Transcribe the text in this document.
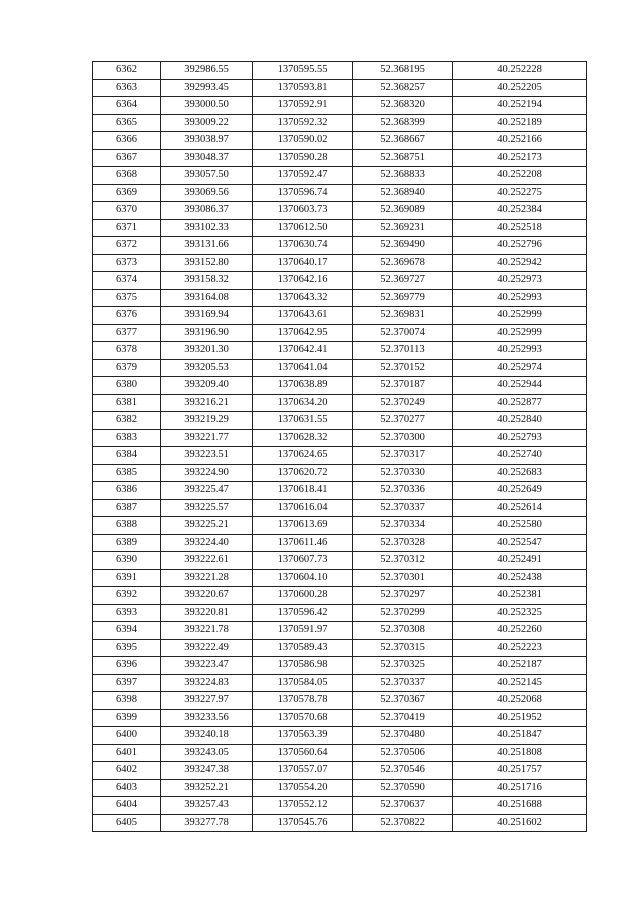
6362	392986.55	1370595.55	52.368195	40.252228
6363	392993.45	1370593.81	52.368257	40.252205
6364	393000.50	1370592.91	52.368320	40.252194
6365	393009.22	1370592.32	52.368399	40.252189
6366	393038.97	1370590.02	52.368667	40.252166
6367	393048.37	1370590.28	52.368751	40.252173
6368	393057.50	1370592.47	52.368833	40.252208
6369	393069.56	1370596.74	52.368940	40.252275
6370	393086.37	1370603.73	52.369089	40.252384
6371	393102.33	1370612.50	52.369231	40.252518
6372	393131.66	1370630.74	52.369490	40.252796
6373	393152.80	1370640.17	52.369678	40.252942
6374	393158.32	1370642.16	52.369727	40.252973
6375	393164.08	1370643.32	52.369779	40.252993
6376	393169.94	1370643.61	52.369831	40.252999
6377	393196.90	1370642.95	52.370074	40.252999
6378	393201.30	1370642.41	52.370113	40.252993
6379	393205.53	1370641.04	52.370152	40.252974
6380	393209.40	1370638.89	52.370187	40.252944
6381	393216.21	1370634.20	52.370249	40.252877
6382	393219.29	1370631.55	52.370277	40.252840
6383	393221.77	1370628.32	52.370300	40.252793
6384	393223.51	1370624.65	52.370317	40.252740
6385	393224.90	1370620.72	52.370330	40.252683
6386	393225.47	1370618.41	52.370336	40.252649
6387	393225.57	1370616.04	52.370337	40.252614
6388	393225.21	1370613.69	52.370334	40.252580
6389	393224.40	1370611.46	52.370328	40.252547
6390	393222.61	1370607.73	52.370312	40.252491
6391	393221.28	1370604.10	52.370301	40.252438
6392	393220.67	1370600.28	52.370297	40.252381
6393	393220.81	1370596.42	52.370299	40.252325
6394	393221.78	1370591.97	52.370308	40.252260
6395	393222.49	1370589.43	52.370315	40.252223
6396	393223.47	1370586.98	52.370325	40.252187
6397	393224.83	1370584.05	52.370337	40.252145
6398	393227.97	1370578.78	52.370367	40.252068
6399	393233.56	1370570.68	52.370419	40.251952
6400	393240.18	1370563.39	52.370480	40.251847
6401	393243.05	1370560.64	52.370506	40.251808
6402	393247.38	1370557.07	52.370546	40.251757
6403	393252.21	1370554.20	52.370590	40.251716
6404	393257.43	1370552.12	52.370637	40.251688
6405	393277.78	1370545.76	52.370822	40.251602
